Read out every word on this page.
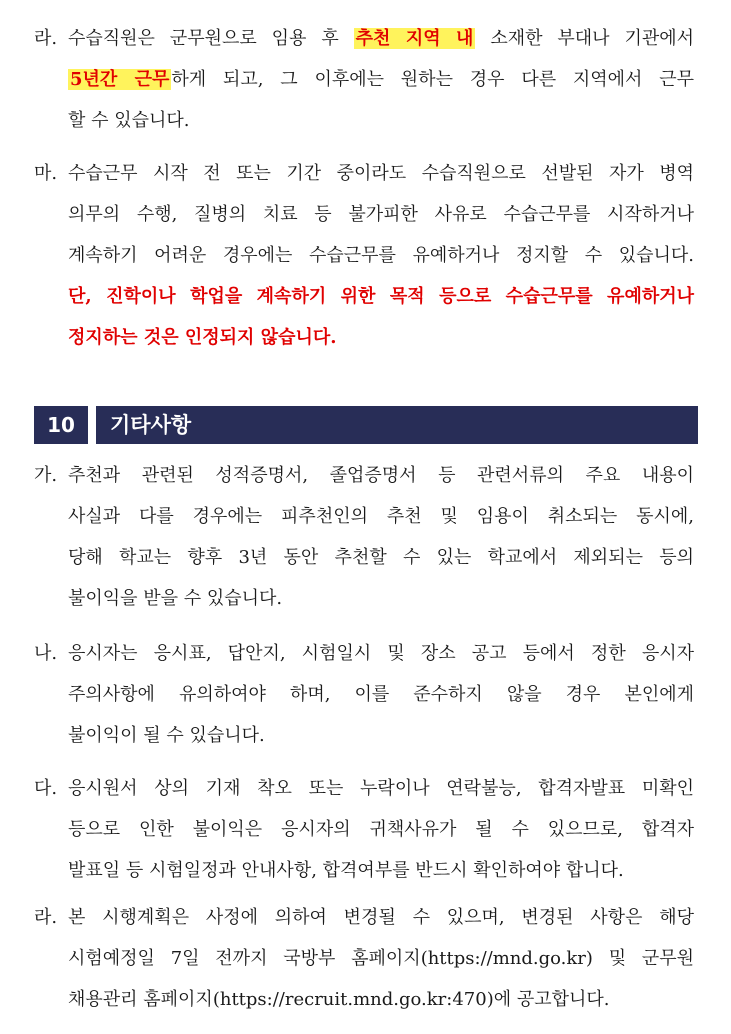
라. 수습직원은 군무원으로 임용 후 추천 지역 내 소재한 부대나 기관에서
5년간 근무 하게 되고, 그 이후에는 원하는 경우 다른 지역에서 근무
할 수 있습니다.
마. 수습근무 시작 전 또는 기간 중이라도 수습직원으로 선발된 자가 병역
의무의 수행, 질병의 치료 등 불가피한 사유로 수습근무를 시작하거나
계속하기 어려운 경우에는 수습근무를 유예하거나 정지할 수 있습니다.
단, 진학이나 학업을 계속하기 위한 목적 등으로 수습근무를 유예하거나
정지하는 것은 인정되지 않습니다.
10	기타사항
가. 추천과 관련된 성적증명서, 졸업증명서 등 관련서류의 주요 내용이
사실과 다를 경우에는 피추천인의 추천 및 임용이 취소되는 동시에,
당해 학교는 향후 3년 동안 추천할 수 있는 학교에서 제외되는 등의
불이익을 받을 수 있습니다.
나. 응시자는 응시표, 답안지, 시험일시 및 장소 공고 등에서 정한 응시자
주의사항에 유의하여야 하며, 이를 준수하지 않을 경우 본인에게
불이익이 될 수 있습니다.
다. 응시원서 상의 기재 착오 또는 누락이나 연락불능, 합격자발표 미확인
등으로 인한 불이익은 응시자의 귀책사유가 될 수 있으므로, 합격자
발표일 등 시험일정과 안내사항, 합격여부를 반드시 확인하여야 합니다.
라. 본 시행계획은 사정에 의하여 변경될 수 있으며, 변경된 사항은 해당
시험예정일 7일 전까지 국방부 홈페이지(https://mnd.go.kr) 및 군무원
채용관리 홈페이지(https://recruit.mnd.go.kr:470)에 공고합니다.
